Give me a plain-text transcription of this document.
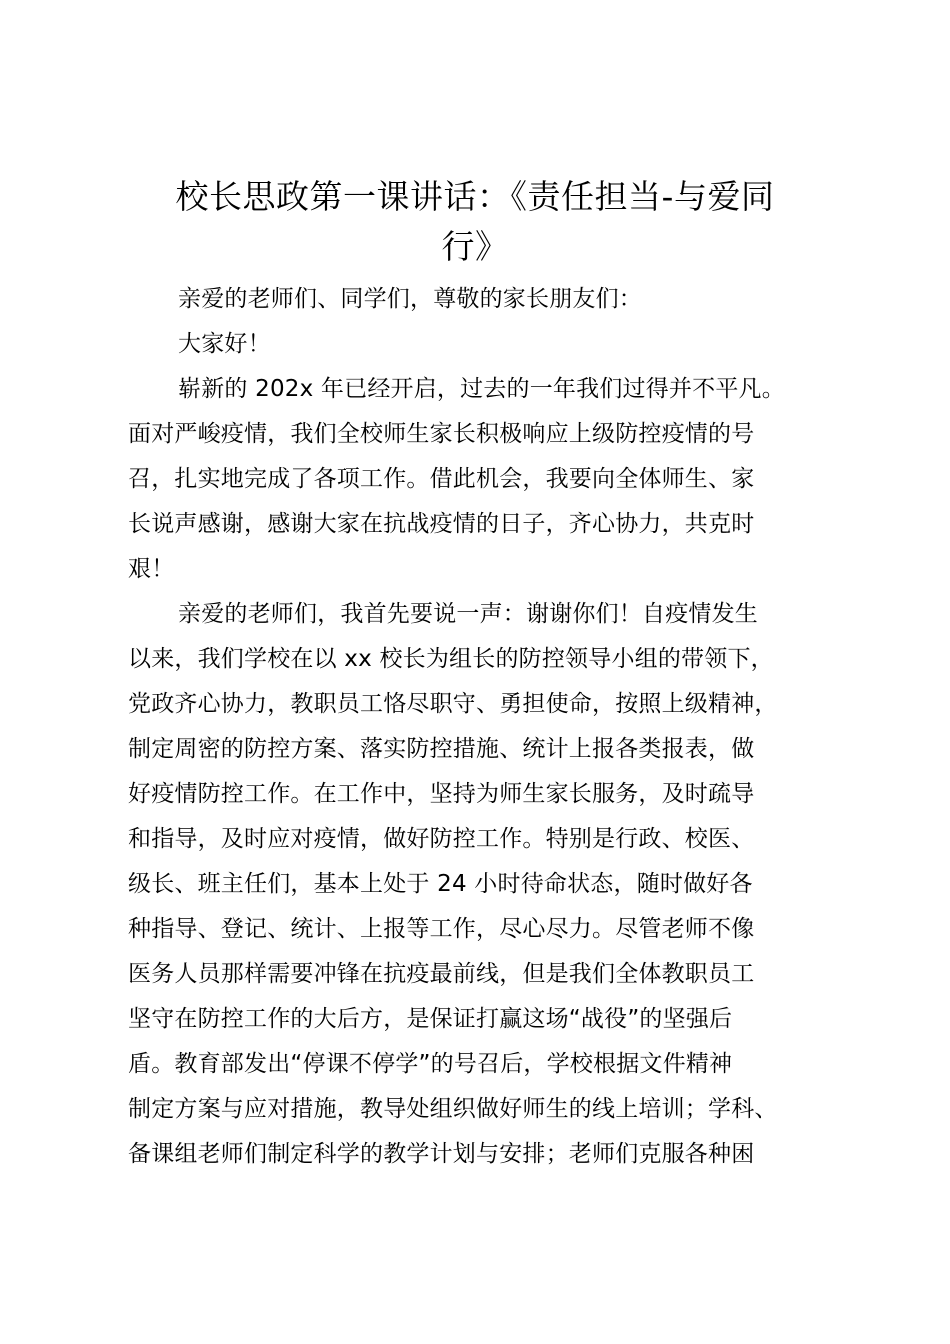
校长思政第一课讲话：《责任担当-与爱同
行》
亲爱的老师们、同学们，尊敬的家长朋友们：
大家好！
崭新的 202x 年已经开启，过去的一年我们过得并不平凡。
面对严峻疫情，我们全校师生家长积极响应上级防控疫情的号
召，扎实地完成了各项工作。借此机会，我要向全体师生、家
长说声感谢，感谢大家在抗战疫情的日子，齐心协力，共克时
艰！
亲爱的老师们，我首先要说一声：谢谢你们！自疫情发生
以来，我们学校在以 xx 校长为组长的防控领导小组的带领下，
党政齐心协力，教职员工恪尽职守、勇担使命，按照上级精神，
制定周密的防控方案、落实防控措施、统计上报各类报表，做
好疫情防控工作。在工作中，坚持为师生家长服务，及时疏导
和指导，及时应对疫情，做好防控工作。特别是行政、校医、
级长、班主任们，基本上处于 24 小时待命状态，随时做好各
种指导、登记、统计、上报等工作，尽心尽力。尽管老师不像
医务人员那样需要冲锋在抗疫最前线，但是我们全体教职员工
坚守在防控工作的大后方，是保证打赢这场“战役”的坚强后
盾。教育部发出“停课不停学”的号召后，学校根据文件精神
制定方案与应对措施，教导处组织做好师生的线上培训；学科、
备课组老师们制定科学的教学计划与安排；老师们克服各种困
